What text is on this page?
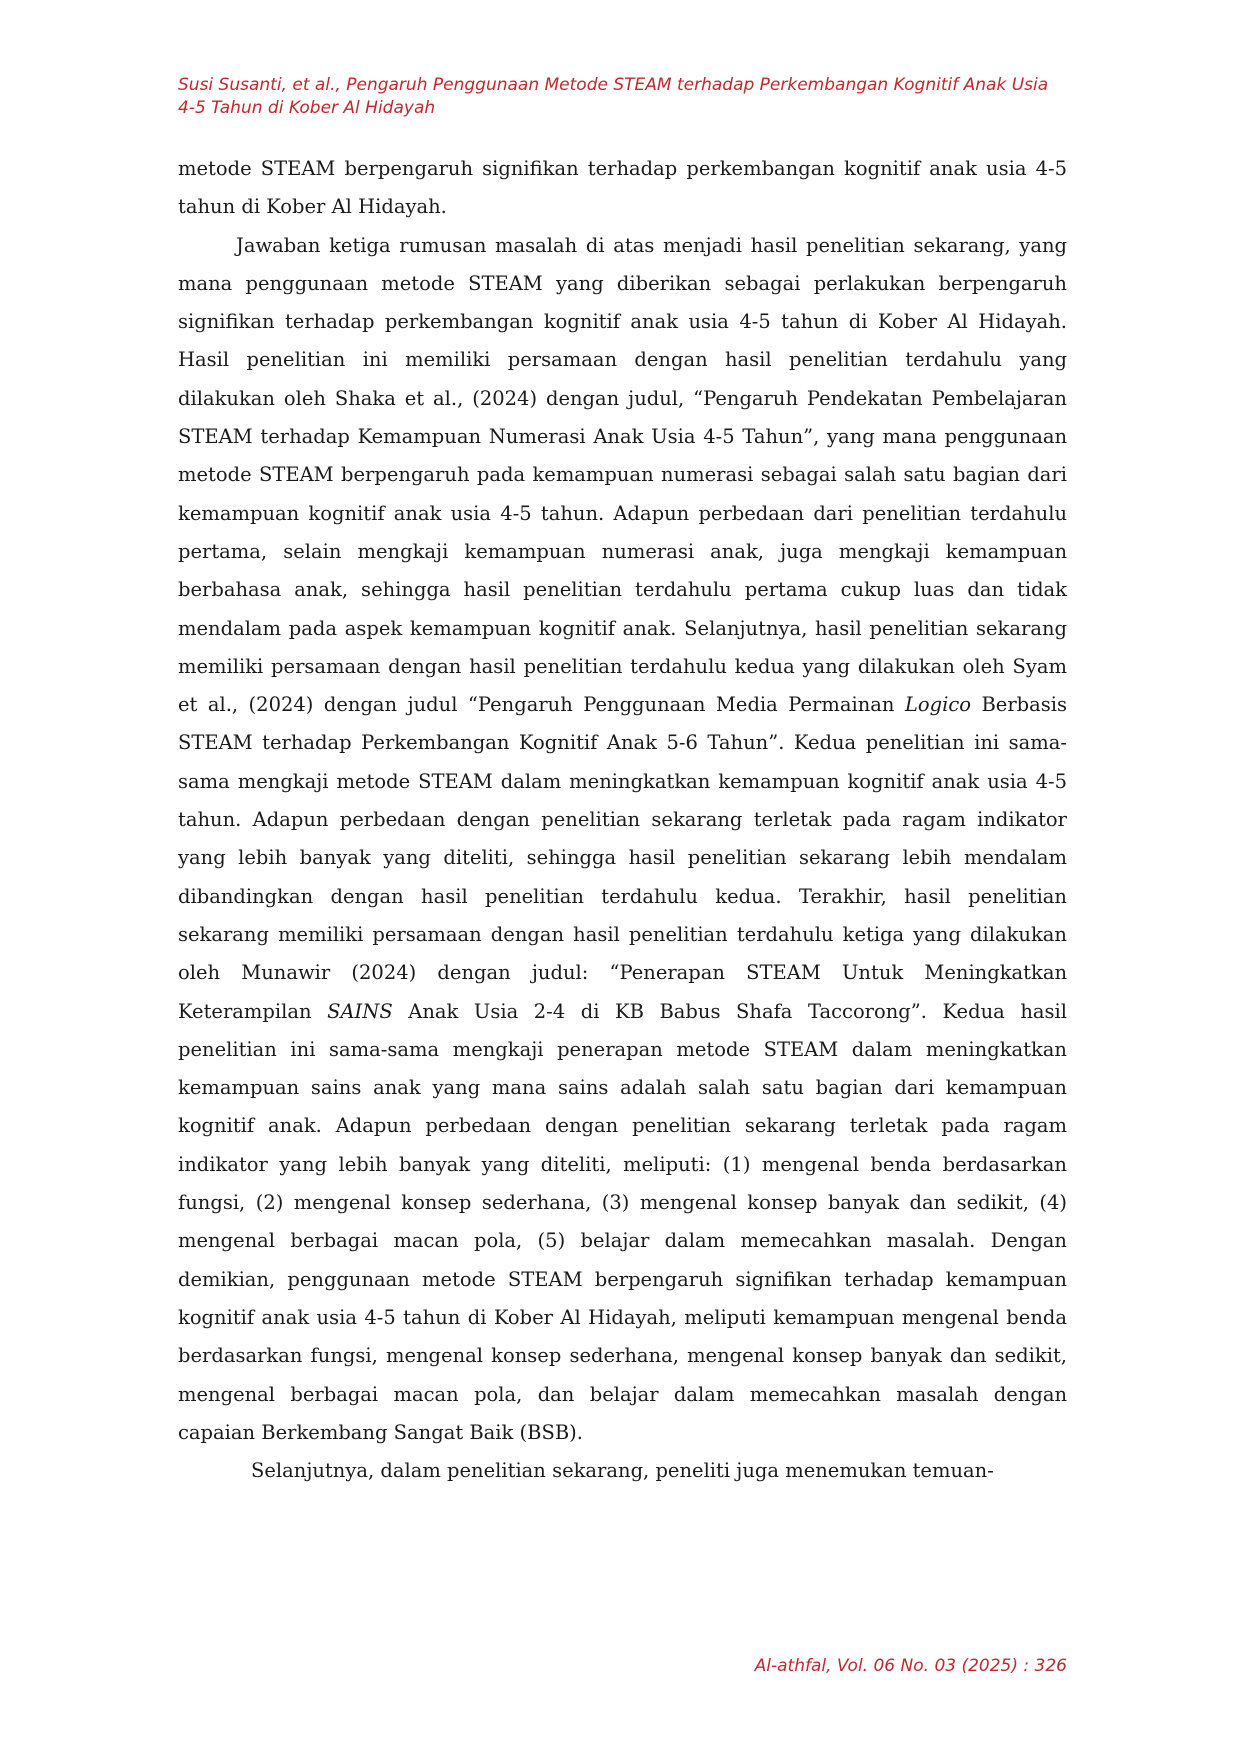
Susi Susanti, et al., Pengaruh Penggunaan Metode STEAM terhadap Perkembangan Kognitif Anak Usia
4-5 Tahun di Kober Al Hidayah

metode STEAM berpengaruh signifikan terhadap perkembangan kognitif anak usia 4-5 tahun di Kober Al Hidayah.

Jawaban ketiga rumusan masalah di atas menjadi hasil penelitian sekarang, yang mana penggunaan metode STEAM yang diberikan sebagai perlakukan berpengaruh signifikan terhadap perkembangan kognitif anak usia 4-5 tahun di Kober Al Hidayah. Hasil penelitian ini memiliki persamaan dengan hasil penelitian terdahulu yang dilakukan oleh Shaka et al., (2024) dengan judul, “Pengaruh Pendekatan Pembelajaran STEAM terhadap Kemampuan Numerasi Anak Usia 4-5 Tahun”, yang mana penggunaan metode STEAM berpengaruh pada kemampuan numerasi sebagai salah satu bagian dari kemampuan kognitif anak usia 4-5 tahun. Adapun perbedaan dari penelitian terdahulu pertama, selain mengkaji kemampuan numerasi anak, juga mengkaji kemampuan berbahasa anak, sehingga hasil penelitian terdahulu pertama cukup luas dan tidak mendalam pada aspek kemampuan kognitif anak. Selanjutnya, hasil penelitian sekarang memiliki persamaan dengan hasil penelitian terdahulu kedua yang dilakukan oleh Syam et al., (2024) dengan judul “Pengaruh Penggunaan Media Permainan Logico Berbasis STEAM terhadap Perkembangan Kognitif Anak 5-6 Tahun”. Kedua penelitian ini sama-sama mengkaji metode STEAM dalam meningkatkan kemampuan kognitif anak usia 4-5 tahun. Adapun perbedaan dengan penelitian sekarang terletak pada ragam indikator yang lebih banyak yang diteliti, sehingga hasil penelitian sekarang lebih mendalam dibandingkan dengan hasil penelitian terdahulu kedua. Terakhir, hasil penelitian sekarang memiliki persamaan dengan hasil penelitian terdahulu ketiga yang dilakukan oleh Munawir (2024) dengan judul: “Penerapan STEAM Untuk Meningkatkan Keterampilan SAINS Anak Usia 2-4 di KB Babus Shafa Taccorong”. Kedua hasil penelitian ini sama-sama mengkaji penerapan metode STEAM dalam meningkatkan kemampuan sains anak yang mana sains adalah salah satu bagian dari kemampuan kognitif anak. Adapun perbedaan dengan penelitian sekarang terletak pada ragam indikator yang lebih banyak yang diteliti, meliputi: (1) mengenal benda berdasarkan fungsi, (2) mengenal konsep sederhana, (3) mengenal konsep banyak dan sedikit, (4) mengenal berbagai macan pola, (5) belajar dalam memecahkan masalah. Dengan demikian, penggunaan metode STEAM berpengaruh signifikan terhadap kemampuan kognitif anak usia 4-5 tahun di Kober Al Hidayah, meliputi kemampuan mengenal benda berdasarkan fungsi, mengenal konsep sederhana, mengenal konsep banyak dan sedikit, mengenal berbagai macan pola, dan belajar dalam memecahkan masalah dengan capaian Berkembang Sangat Baik (BSB).

Selanjutnya, dalam penelitian sekarang, peneliti juga menemukan temuan-

Al-athfal, Vol. 06 No. 03 (2025) : 326
